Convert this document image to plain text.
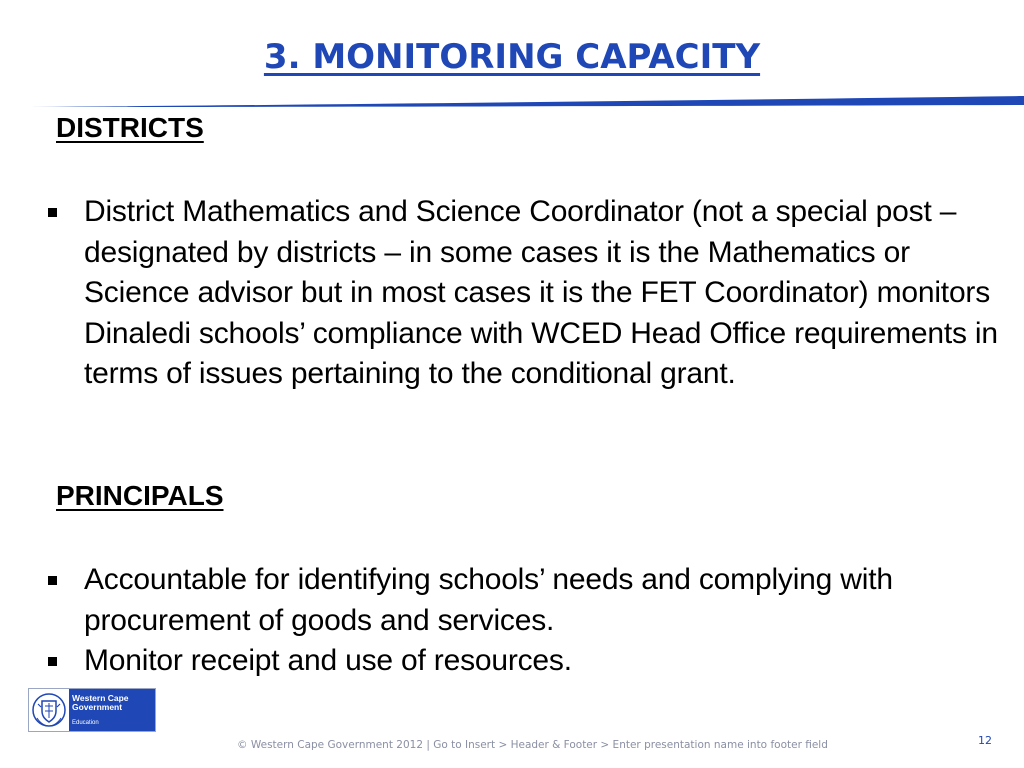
3. MONITORING CAPACITY
DISTRICTS
District Mathematics and Science Coordinator (not a special post – designated by districts – in some cases it is the Mathematics or Science advisor but in most cases it is the FET Coordinator) monitors Dinaledi schools’ compliance with WCED Head Office requirements in terms of issues pertaining to the conditional grant.
PRINCIPALS
Accountable for identifying schools’ needs and complying with procurement of goods and services.
Monitor receipt and use of resources.
Western Cape
Government
Education
© Western Cape Government 2012 | Go to Insert > Header & Footer > Enter presentation name into footer field	12
